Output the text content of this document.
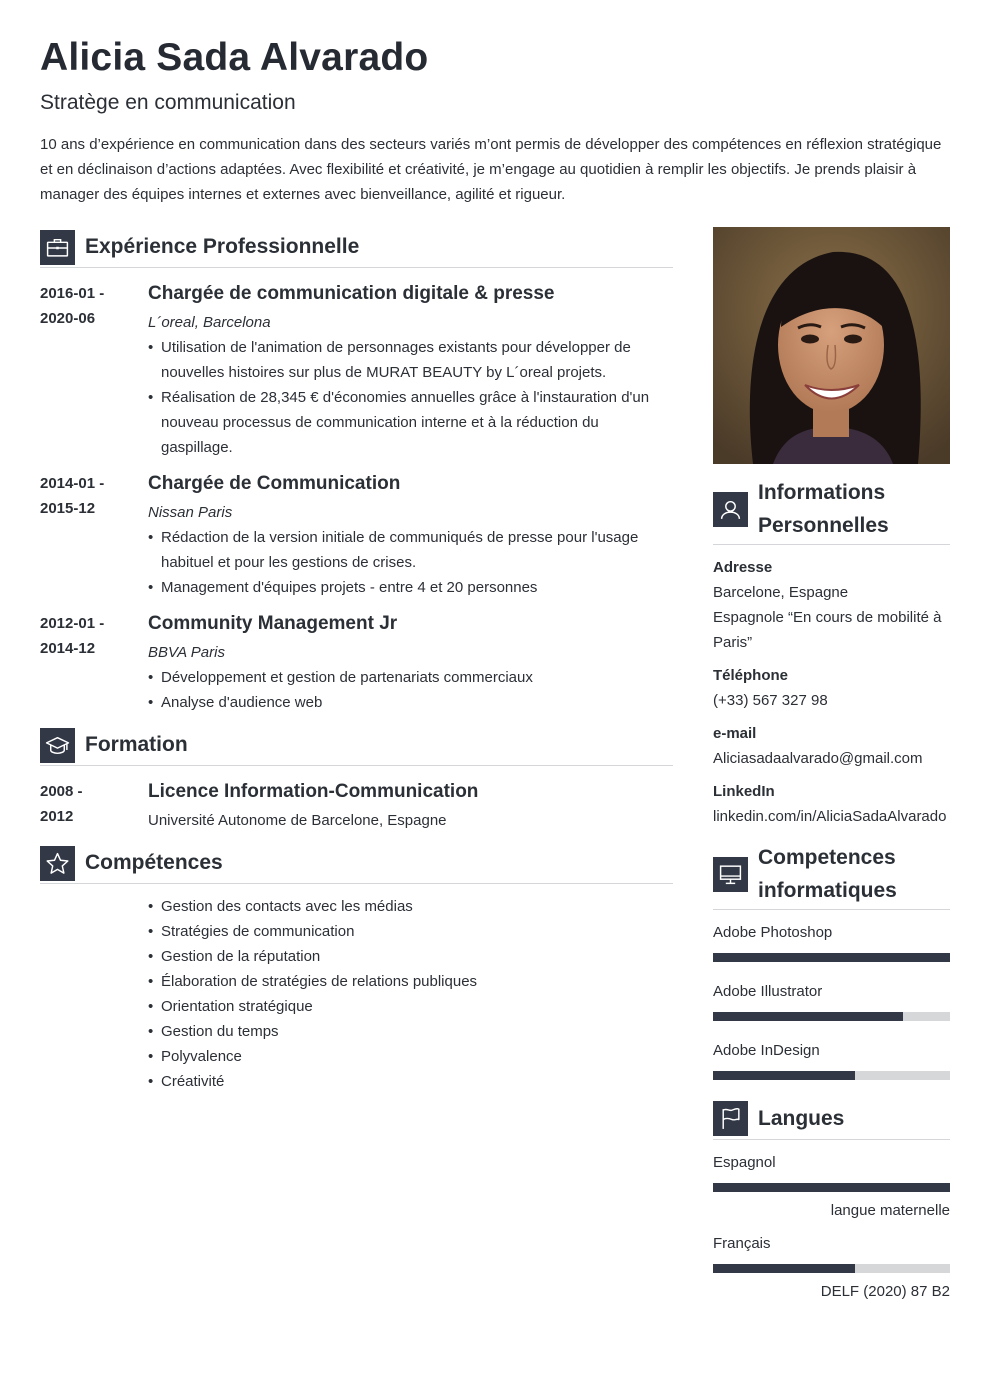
Alicia Sada Alvarado
Stratège en communication
10 ans d’expérience en communication dans des secteurs variés m’ont permis de développer des compétences en réflexion stratégique et en déclinaison d’actions adaptées. Avec flexibilité et créativité, je m’engage au quotidien à remplir les objectifs. Je prends plaisir à manager des équipes internes et externes avec bienveillance, agilité et rigueur.
Expérience Professionnelle
2016-01 -
2020-06
Chargée de communication digitale & presse
L´oreal, Barcelona
• Utilisation de l'animation de personnages existants pour développer de nouvelles histoires sur plus de MURAT BEAUTY by L´oreal projets.
• Réalisation de 28,345 € d'économies annuelles grâce à l'instauration d'un nouveau processus de communication interne et à la réduction du gaspillage.
2014-01 -
2015-12
Chargée de Communication
Nissan Paris
• Rédaction de la version initiale de communiqués de presse pour l'usage habituel et pour les gestions de crises.
• Management d'équipes projets - entre 4 et 20 personnes
2012-01 -
2014-12
Community Management Jr
BBVA Paris
• Développement et gestion de partenariats commerciaux
• Analyse d'audience web
Formation
2008 -
2012
Licence Information-Communication
Université Autonome de Barcelone, Espagne
Compétences
• Gestion des contacts avec les médias
• Stratégies de communication
• Gestion de la réputation
• Élaboration de stratégies de relations publiques
• Orientation stratégique
• Gestion du temps
• Polyvalence
• Créativité
Informations Personnelles
Adresse
Barcelone, Espagne
Espagnole “En cours de mobilité à Paris”
Téléphone
(+33) 567 327 98
e-mail
Aliciasadaalvarado@gmail.com
LinkedIn
linkedin.com/in/AliciaSadaAlvarado
Competences informatiques
Adobe Photoshop
Adobe Illustrator
Adobe InDesign
Langues
Espagnol
langue maternelle
Français
DELF (2020) 87 B2
